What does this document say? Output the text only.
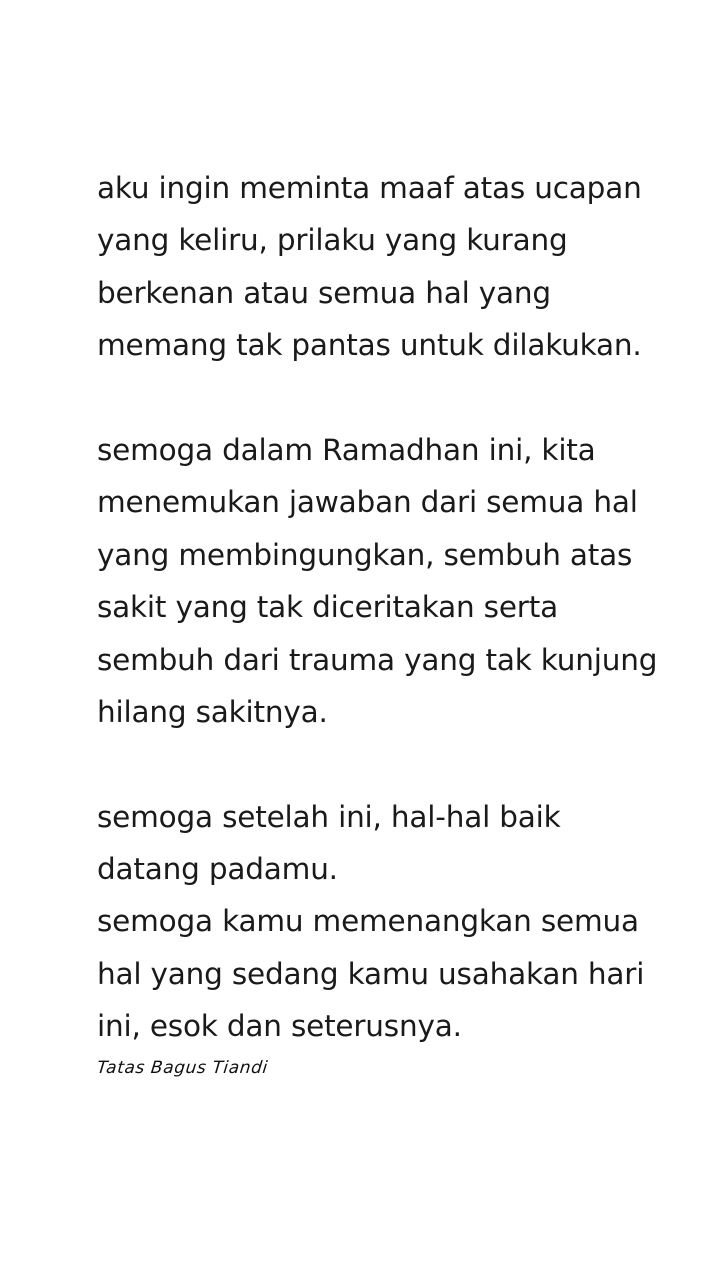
aku ingin meminta maaf atas ucapan
yang keliru, prilaku yang kurang
berkenan atau semua hal yang
memang tak pantas untuk dilakukan.
semoga dalam Ramadhan ini, kita
menemukan jawaban dari semua hal
yang membingungkan, sembuh atas
sakit yang tak diceritakan serta
sembuh dari trauma yang tak kunjung
hilang sakitnya.
semoga setelah ini, hal-hal baik
datang padamu.
semoga kamu memenangkan semua
hal yang sedang kamu usahakan hari
ini, esok dan seterusnya.
Tatas Bagus Tiandi
